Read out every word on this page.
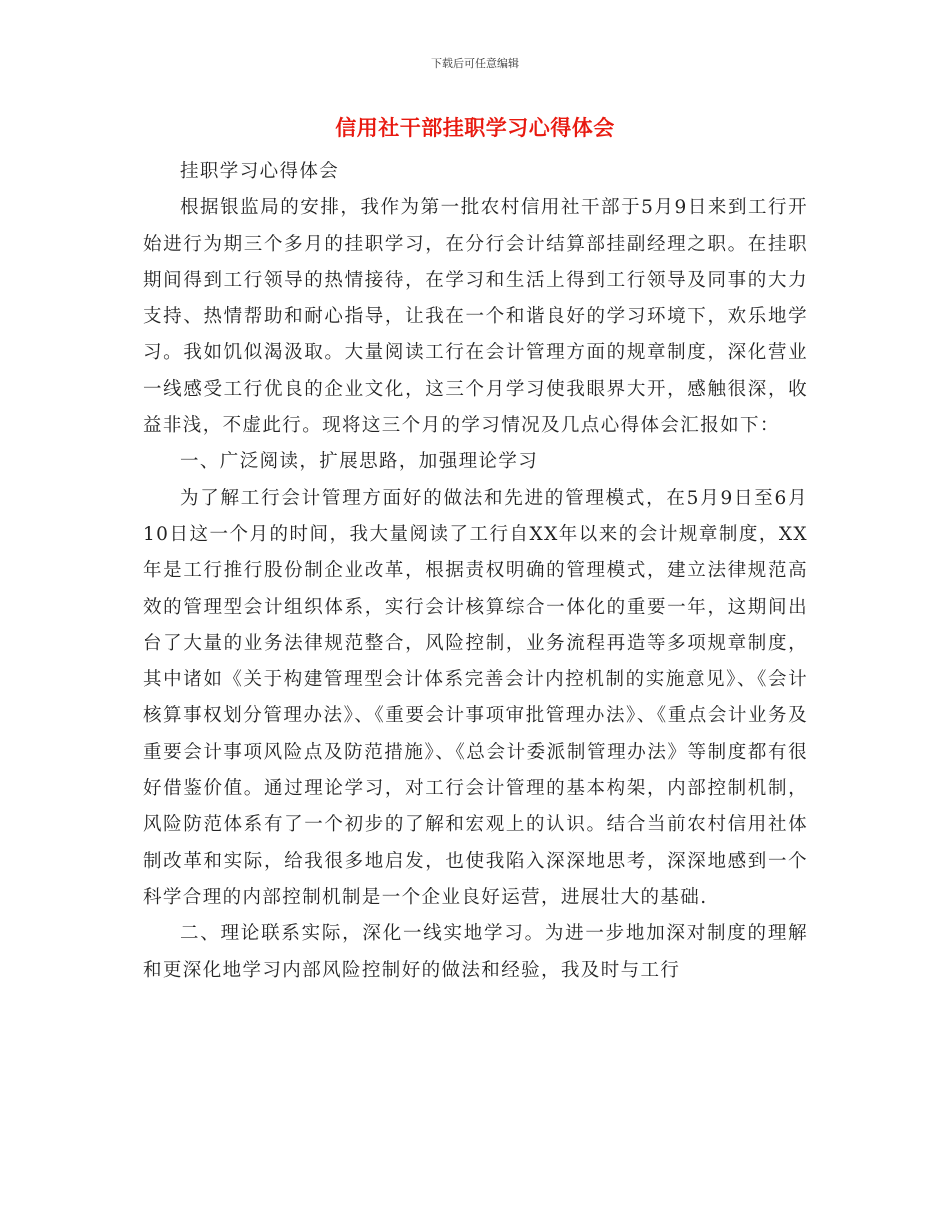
下载后可任意编辑
信用社干部挂职学习心得体会

挂职学习心得体会

根据银监局的安排，我作为第一批农村信用社干部于5月9日来到工行开始进行为期三个多月的挂职学习，在分行会计结算部挂副经理之职。在挂职期间得到工行领导的热情接待，在学习和生活上得到工行领导及同事的大力支持、热情帮助和耐心指导，让我在一个和谐良好的学习环境下，欢乐地学习。我如饥似渴汲取。大量阅读工行在会计管理方面的规章制度，深化营业一线感受工行优良的企业文化，这三个月学习使我眼界大开，感触很深，收益非浅，不虚此行。现将这三个月的学习情况及几点心得体会汇报如下：

一、广泛阅读，扩展思路，加强理论学习

为了解工行会计管理方面好的做法和先进的管理模式，在5月9日至6月10日这一个月的时间，我大量阅读了工行自XX年以来的会计规章制度，XX年是工行推行股份制企业改革，根据责权明确的管理模式，建立法律规范高效的管理型会计组织体系，实行会计核算综合一体化的重要一年，这期间出台了大量的业务法律规范整合，风险控制，业务流程再造等多项规章制度，其中诸如《关于构建管理型会计体系完善会计内控机制的实施意见》、《会计核算事权划分管理办法》、《重要会计事项审批管理办法》、《重点会计业务及重要会计事项风险点及防范措施》、《总会计委派制管理办法》等制度都有很好借鉴价值。通过理论学习，对工行会计管理的基本构架，内部控制机制，风险防范体系有了一个初步的了解和宏观上的认识。结合当前农村信用社体制改革和实际，给我很多地启发，也使我陷入深深地思考，深深地感到一个科学合理的内部控制机制是一个企业良好运营，进展壮大的基础.

二、理论联系实际，深化一线实地学习。为进一步地加深对制度的理解和更深化地学习内部风险控制好的做法和经验，我及时与工行
